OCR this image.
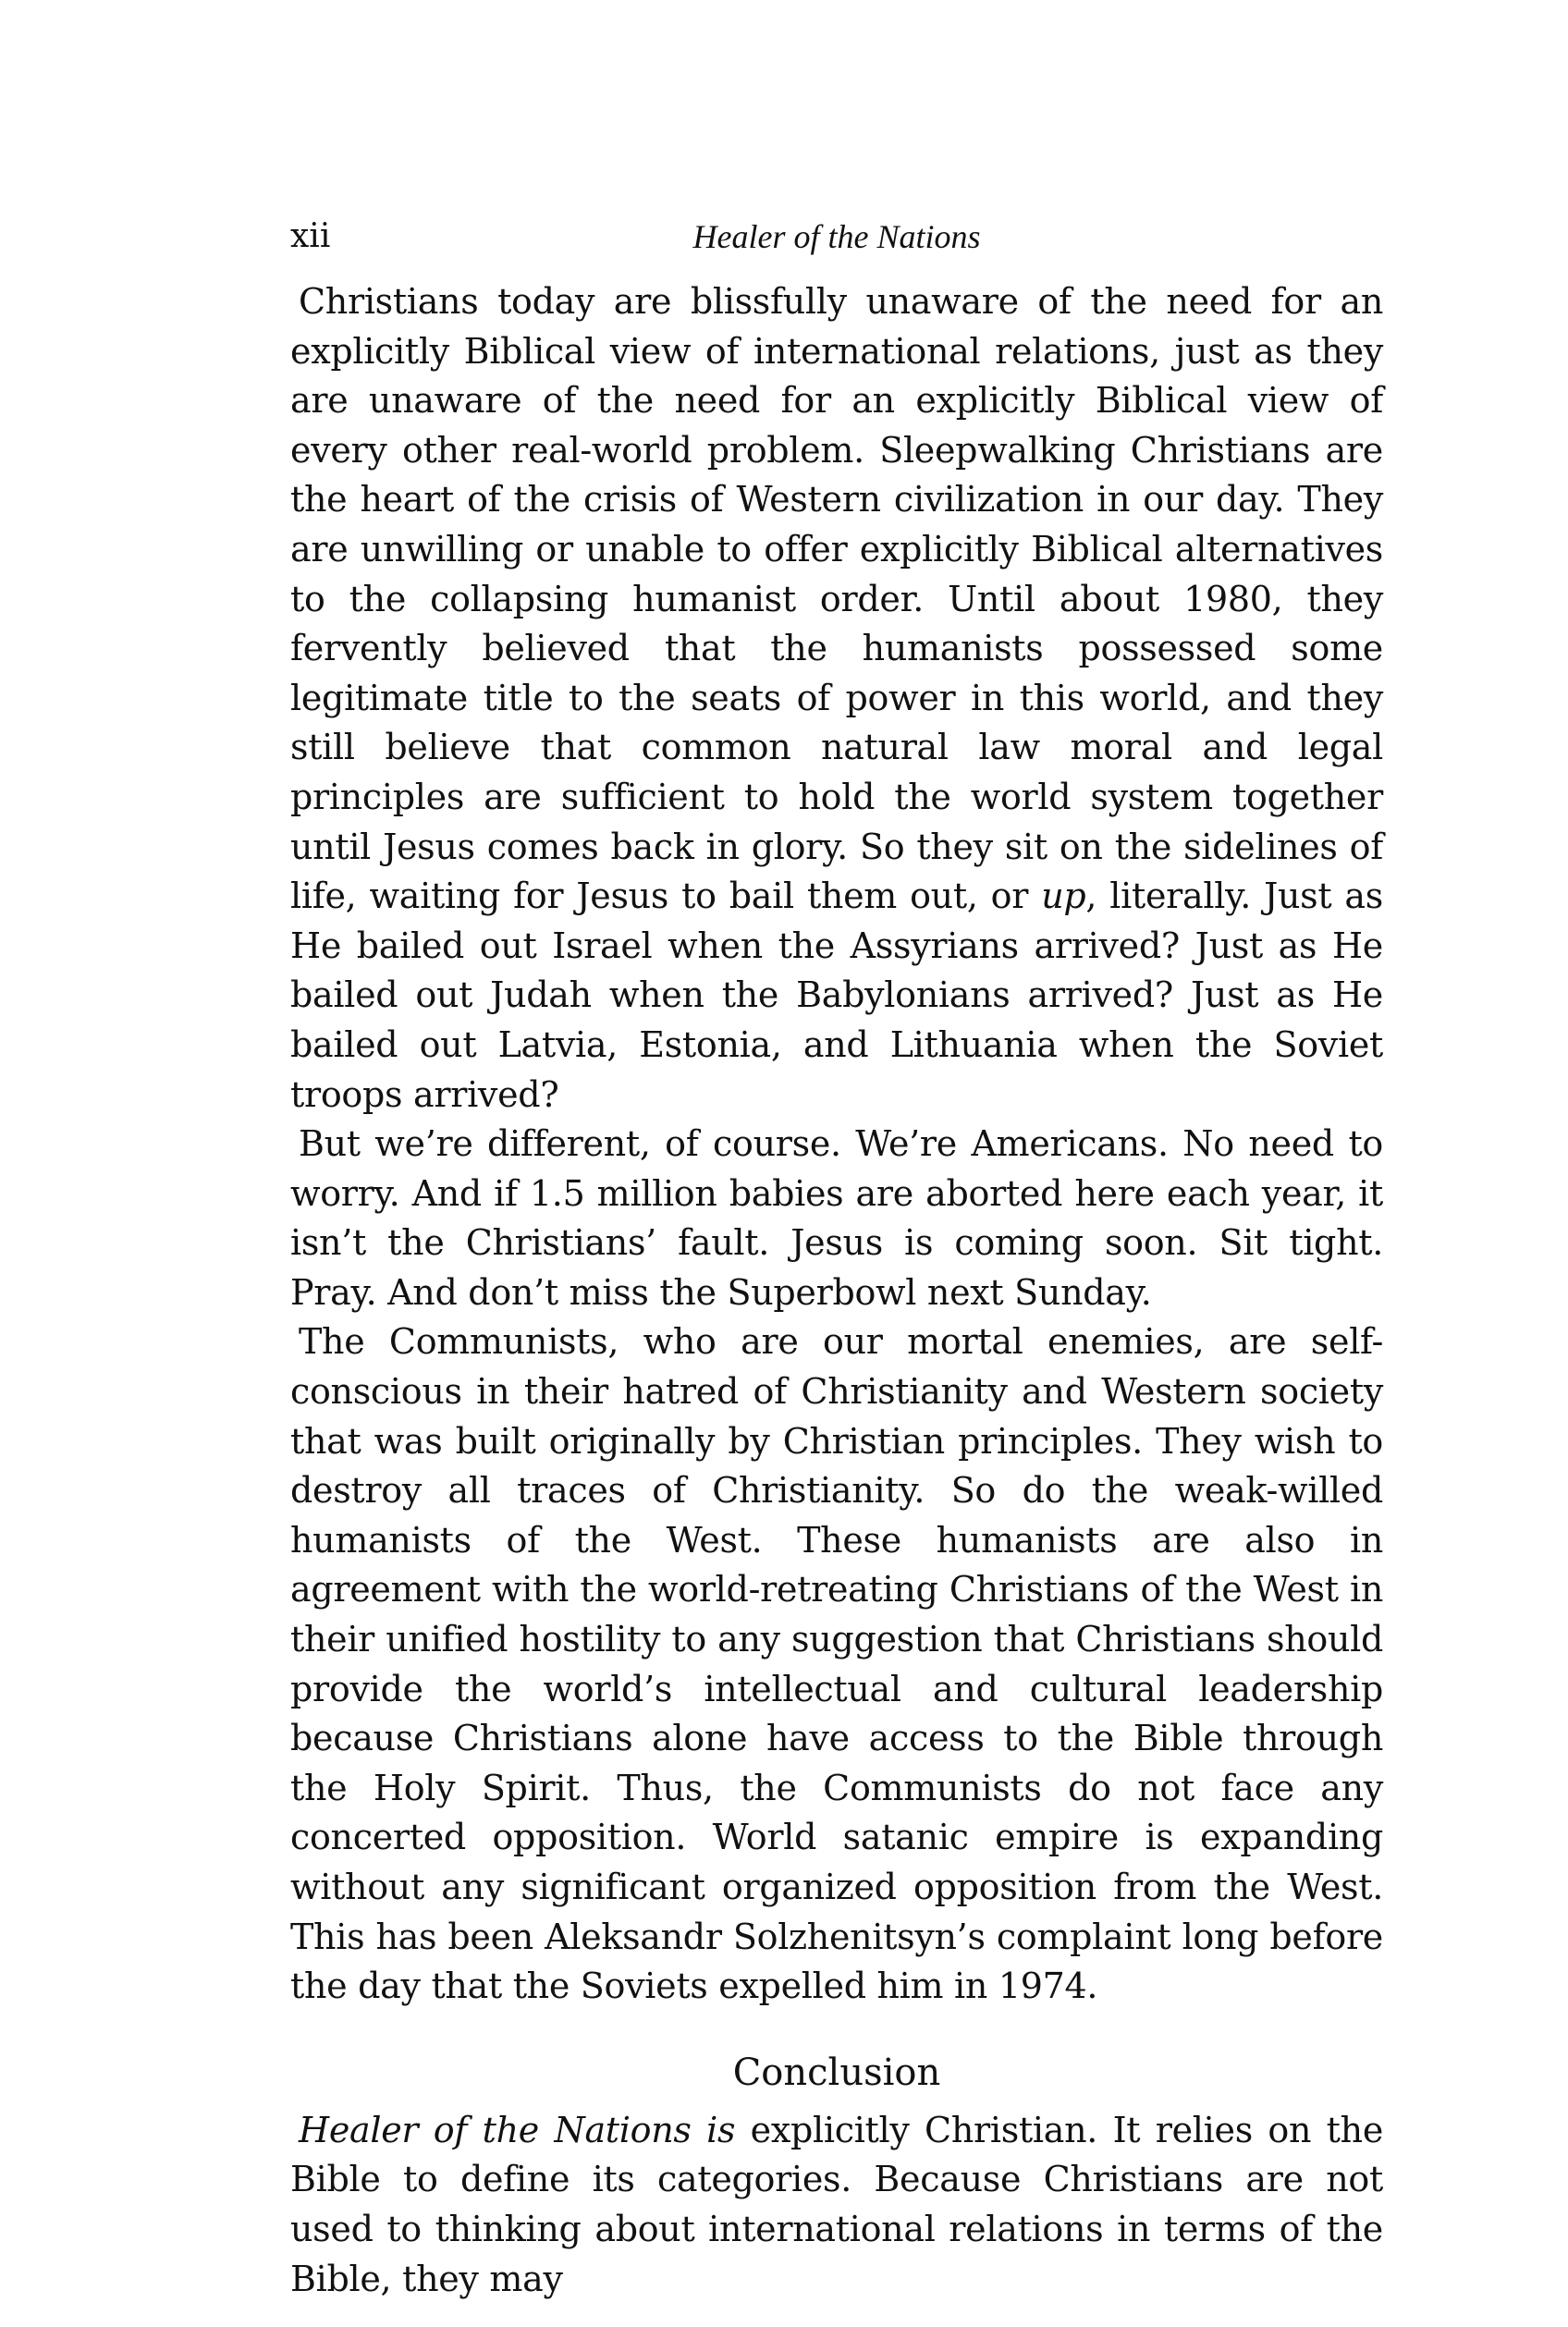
xii	Healer of the Nations

Christians today are blissfully unaware of the need for an explicitly Biblical view of international relations, just as they are unaware of the need for an explicitly Biblical view of every other real-world problem. Sleepwalking Christians are the heart of the crisis of Western civilization in our day. They are unwilling or unable to offer explicitly Biblical alternatives to the collapsing humanist order. Until about 1980, they fervently believed that the humanists possessed some legitimate title to the seats of power in this world, and they still believe that common natural law moral and legal principles are sufficient to hold the world system together until Jesus comes back in glory. So they sit on the sidelines of life, waiting for Jesus to bail them out, or up, literally. Just as He bailed out Israel when the Assyrians arrived? Just as He bailed out Judah when the Babylonians arrived? Just as He bailed out Latvia, Estonia, and Lithuania when the Soviet troops arrived?

But we’re different, of course. We’re Americans. No need to worry. And if 1.5 million babies are aborted here each year, it isn’t the Christians’ fault. Jesus is coming soon. Sit tight. Pray. And don’t miss the Superbowl next Sunday.

The Communists, who are our mortal enemies, are self-conscious in their hatred of Christianity and Western society that was built originally by Christian principles. They wish to destroy all traces of Christianity. So do the weak-willed humanists of the West. These humanists are also in agreement with the world-retreating Christians of the West in their unified hostility to any suggestion that Christians should provide the world’s intellectual and cultural leadership because Christians alone have access to the Bible through the Holy Spirit. Thus, the Communists do not face any concerted opposition. World satanic empire is expanding without any significant organized opposition from the West. This has been Aleksandr Solzhenitsyn’s complaint long before the day that the Soviets expelled him in 1974.

Conclusion

Healer of the Nations is explicitly Christian. It relies on the Bible to define its categories. Because Christians are not used to thinking about international relations in terms of the Bible, they may
